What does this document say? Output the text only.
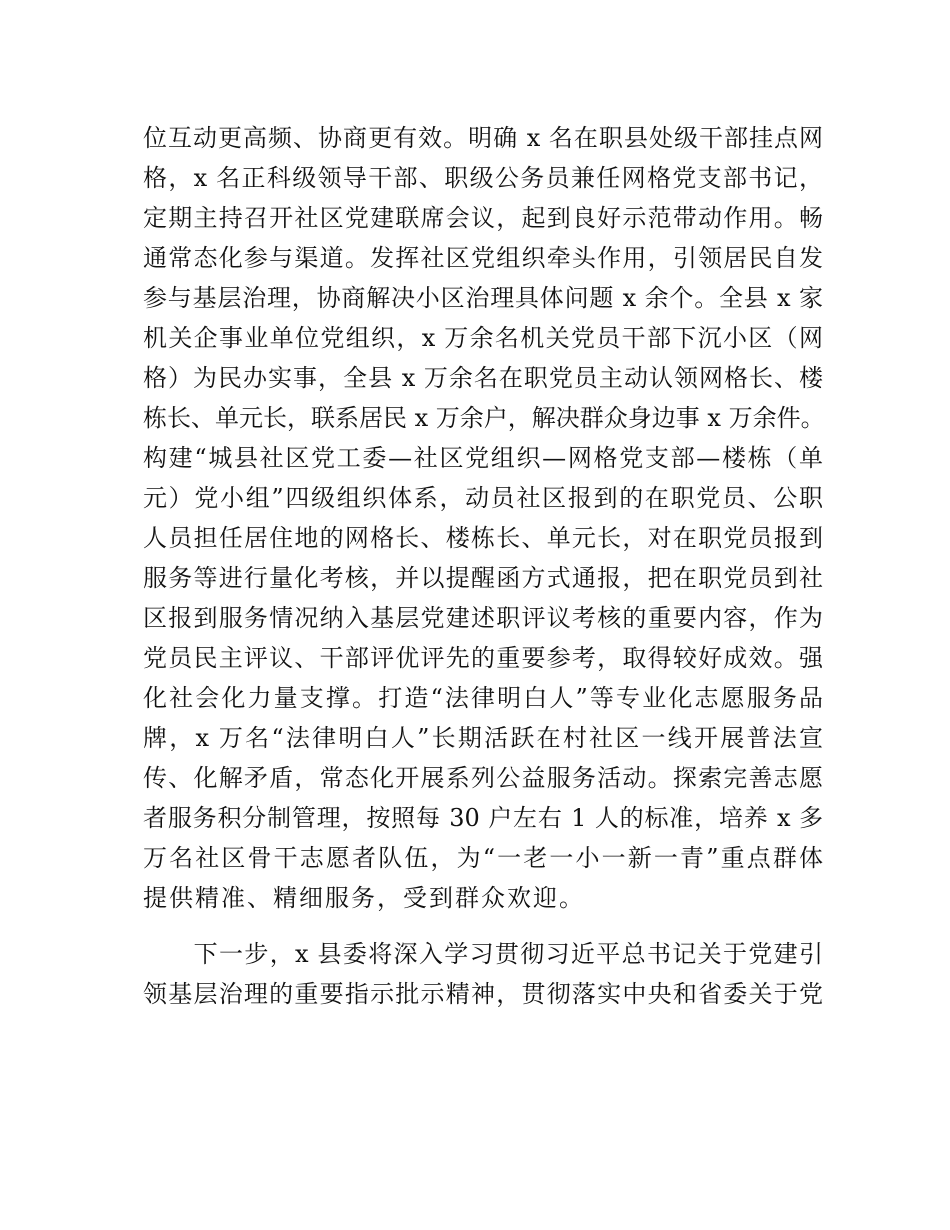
位互动更高频、协商更有效。明确 x 名在职县处级干部挂点网
格，x 名正科级领导干部、职级公务员兼任网格党支部书记，
定期主持召开社区党建联席会议，起到良好示范带动作用。畅
通常态化参与渠道。发挥社区党组织牵头作用，引领居民自发
参与基层治理，协商解决小区治理具体问题 x 余个。全县 x 家
机关企事业单位党组织，x 万余名机关党员干部下沉小区（网
格）为民办实事，全县 x 万余名在职党员主动认领网格长、楼
栋长、单元长，联系居民 x 万余户，解决群众身边事 x 万余件。
构建“城县社区党工委—社区党组织—网格党支部—楼栋（单
元）党小组”四级组织体系，动员社区报到的在职党员、公职
人员担任居住地的网格长、楼栋长、单元长，对在职党员报到
服务等进行量化考核，并以提醒函方式通报，把在职党员到社
区报到服务情况纳入基层党建述职评议考核的重要内容，作为
党员民主评议、干部评优评先的重要参考，取得较好成效。强
化社会化力量支撑。打造“法律明白人”等专业化志愿服务品
牌，x 万名“法律明白人”长期活跃在村社区一线开展普法宣
传、化解矛盾，常态化开展系列公益服务活动。探索完善志愿
者服务积分制管理，按照每 30 户左右 1 人的标准，培养 x 多
万名社区骨干志愿者队伍，为“一老一小一新一青”重点群体
提供精准、精细服务，受到群众欢迎。
　　下一步，x 县委将深入学习贯彻习近平总书记关于党建引
领基层治理的重要指示批示精神，贯彻落实中央和省委关于党
